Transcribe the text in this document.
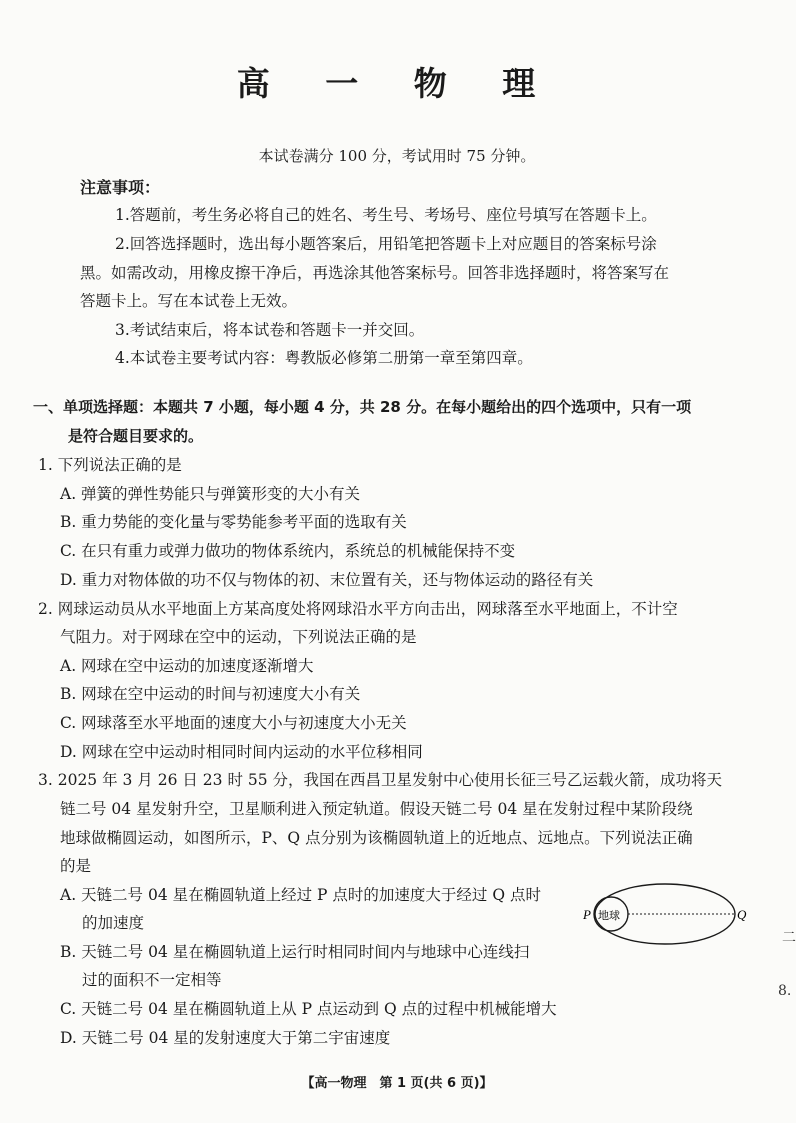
高 一 物 理
本试卷满分 100 分，考试用时 75 分钟。
注意事项：
1.答题前，考生务必将自己的姓名、考生号、考场号、座位号填写在答题卡上。
2.回答选择题时，选出每小题答案后，用铅笔把答题卡上对应题目的答案标号涂
黑。如需改动，用橡皮擦干净后，再选涂其他答案标号。回答非选择题时，将答案写在
答题卡上。写在本试卷上无效。
3.考试结束后，将本试卷和答题卡一并交回。
4.本试卷主要考试内容：粤教版必修第二册第一章至第四章。
一、单项选择题：本题共 7 小题，每小题 4 分，共 28 分。在每小题给出的四个选项中，只有一项
是符合题目要求的。
1. 下列说法正确的是
A. 弹簧的弹性势能只与弹簧形变的大小有关
B. 重力势能的变化量与零势能参考平面的选取有关
C. 在只有重力或弹力做功的物体系统内，系统总的机械能保持不变
D. 重力对物体做的功不仅与物体的初、末位置有关，还与物体运动的路径有关
2. 网球运动员从水平地面上方某高度处将网球沿水平方向击出，网球落至水平地面上，不计空
气阻力。对于网球在空中的运动，下列说法正确的是
A. 网球在空中运动的加速度逐渐增大
B. 网球在空中运动的时间与初速度大小有关
C. 网球落至水平地面的速度大小与初速度大小无关
D. 网球在空中运动时相同时间内运动的水平位移相同
3. 2025 年 3 月 26 日 23 时 55 分，我国在西昌卫星发射中心使用长征三号乙运载火箭，成功将天
链二号 04 星发射升空，卫星顺利进入预定轨道。假设天链二号 04 星在发射过程中某阶段绕
地球做椭圆运动，如图所示，P、Q 点分别为该椭圆轨道上的近地点、远地点。下列说法正确
的是
A. 天链二号 04 星在椭圆轨道上经过 P 点时的加速度大于经过 Q 点时
的加速度
B. 天链二号 04 星在椭圆轨道上运行时相同时间内与地球中心连线扫
过的面积不一定相等
C. 天链二号 04 星在椭圆轨道上从 P 点运动到 Q 点的过程中机械能增大
D. 天链二号 04 星的发射速度大于第二宇宙速度
P 地球	Q
8.
二
【高一物理　第 1 页(共 6 页)】
